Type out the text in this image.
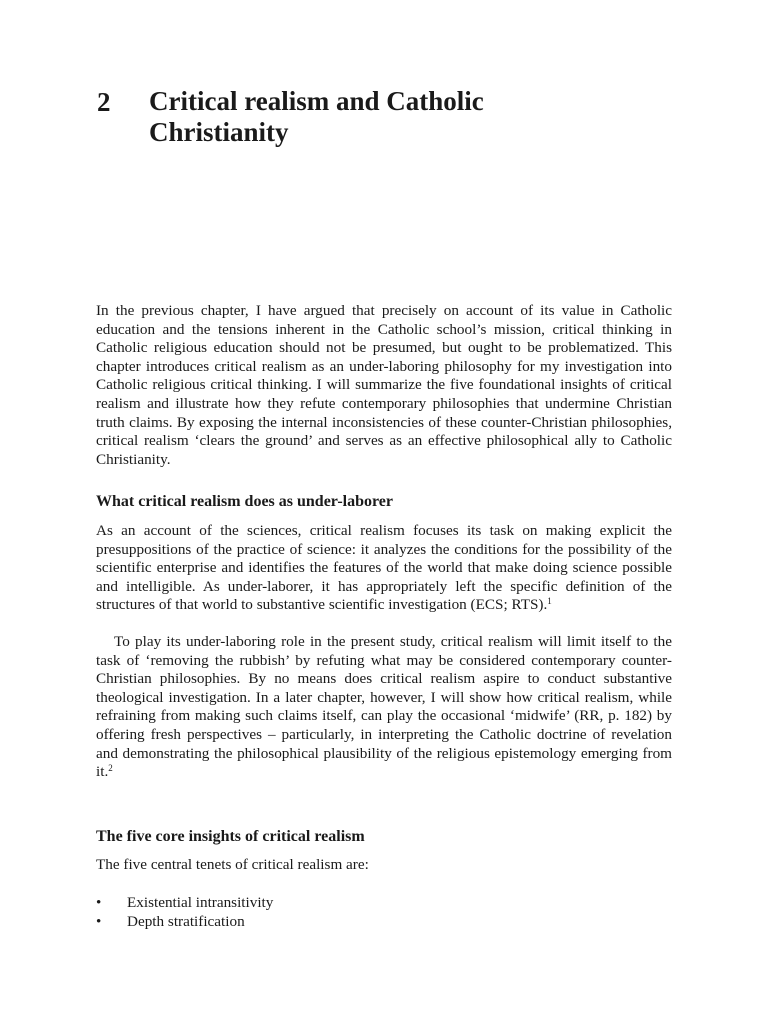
2	Critical realism and Catholic
Christianity

In the previous chapter, I have argued that precisely on account of its value in Catholic education and the tensions inherent in the Catholic school’s mission, critical thinking in Catholic religious education should not be presumed, but ought to be problematized. This chapter introduces critical realism as an under-laboring philosophy for my investigation into Catholic religious critical thinking. I will summarize the five foundational insights of critical realism and illustrate how they refute contemporary philosophies that undermine Christian truth claims. By exposing the internal inconsistencies of these counter-Christian philosophies, critical realism ‘clears the ground’ and serves as an effective philosophical ally to Catholic Christianity.

What critical realism does as under-laborer

As an account of the sciences, critical realism focuses its task on making explicit the presuppositions of the practice of science: it analyzes the conditions for the possibility of the scientific enterprise and identifies the features of the world that make doing science possible and intelligible. As under-laborer, it has appropriately left the specific definition of the structures of that world to substantive scientific investigation (ECS; RTS).$^1$

To play its under-laboring role in the present study, critical realism will limit itself to the task of ‘removing the rubbish’ by refuting what may be considered contemporary counter-Christian philosophies. By no means does critical realism aspire to conduct substantive theological investigation. In a later chapter, however, I will show how critical realism, while refraining from making such claims itself, can play the occasional ‘midwife’ (RR, p. 182) by offering fresh perspectives – particularly, in interpreting the Catholic doctrine of revelation and demonstrating the philosophical plausibility of the religious epistemology emerging from it.$^2$

The five core insights of critical realism

The five central tenets of critical realism are:

•	Existential intransitivity
•	Depth stratification
